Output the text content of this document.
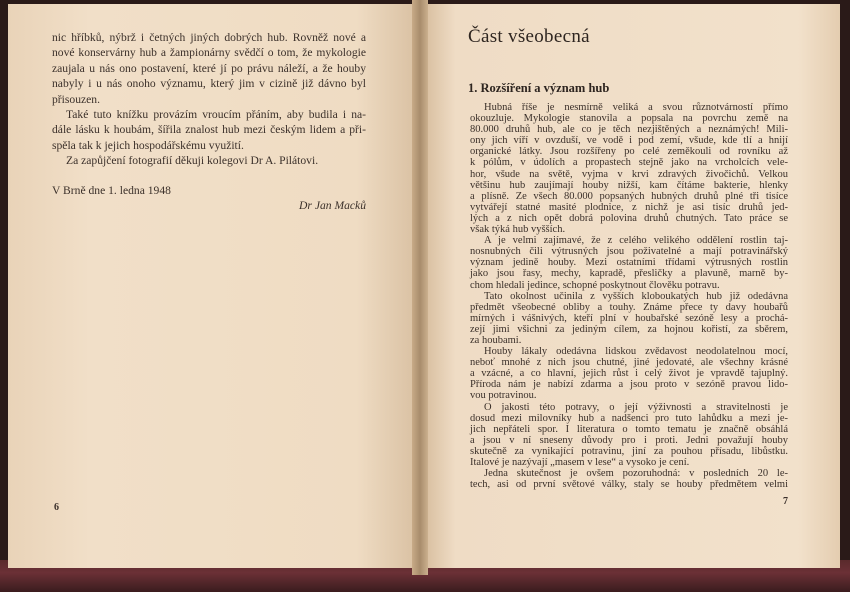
nic hříbků, nýbrž i četných jiných dobrých hub. Rovněž nové a
nové konservárny hub a žampionárny svědčí o tom, že mykologie
zaujala u nás ono postavení, které jí po právu náleží, a že houby
nabyly i u nás onoho významu, který jim v cizině již dávno byl
přisouzen.
Také tuto knížku provázím vroucím přáním, aby budila i na-
dále lásku k houbám, šířila znalost hub mezi českým lidem a při-
spěla tak k jejich hospodářskému využití.
Za zapůjčení fotografií děkuji kolegovi Dr A. Pilátovi.
V Brně dne 1. ledna 1948
Dr Jan Macků
6
Část všeobecná
1. Rozšíření a význam hub
Hubná říše je nesmírně veliká a svou různotvárností přímo
okouzluje. Mykologie stanovila a popsala na povrchu země na
80.000 druhů hub, ale co je těch nezjištěných a neznámých! Mili-
ony jich víří v ovzduší, ve vodě i pod zemí, všude, kde tlí a hnijí
organické látky. Jsou rozšířeny po celé zeměkouli od rovníku až
k pólům, v údolích a propastech stejně jako na vrcholcích vele-
hor, všude na světě, vyjma v krvi zdravých živočichů. Velkou
většinu hub zaujímají houby nižší, kam čítáme bakterie, hlenky
a plísně. Ze všech 80.000 popsaných hubných druhů plné tři tisíce
vytvářejí statné masité plodnice, z nichž je asi tisíc druhů jed-
lých a z nich opět dobrá polovina druhů chutných. Tato práce se
však týká hub vyšších.
A je velmi zajímavé, že z celého velikého oddělení rostlin taj-
nosnubných čili výtrusných jsou poživatelné a mají potravinářský
význam jedině houby. Mezi ostatními třídami výtrusných rostlin
jako jsou řasy, mechy, kapradě, přesličky a plavuně, marně by-
chom hledali jedince, schopné poskytnout člověku potravu.
Tato okolnost učinila z vyšších kloboukatých hub již odedávna
předmět všeobecné obliby a touhy. Známe přece ty davy houbařů
mírných i vášnivých, kteří plní v houbařské sezóně lesy a prochá-
zejí jimi všichni za jediným cílem, za hojnou kořistí, za sběrem,
za houbami.
Houby lákaly odedávna lidskou zvědavost neodolatelnou mocí,
neboť mnohé z nich jsou chutné, jiné jedovaté, ale všechny krásné
a vzácné, a co hlavní, jejich růst i celý život je vpravdě tajuplný.
Příroda nám je nabízí zdarma a jsou proto v sezóně pravou lido-
vou potravinou.
O jakosti této potravy, o její výživnosti a stravitelnosti je
dosud mezi milovníky hub a nadšenci pro tuto lahůdku a mezi je-
jich nepřáteli spor. I literatura o tomto tematu je značně obsáhlá
a jsou v ní sneseny důvody pro i proti. Jedni považují houby
skutečně za vynikající potravinu, jiní za pouhou přísadu, libůstku.
Italové je nazývají „masem v lese“ a vysoko je cení.
Jedna skutečnost je ovšem pozoruhodná: v posledních 20 le-
tech, asi od první světové války, staly se houby předmětem velmi
7
